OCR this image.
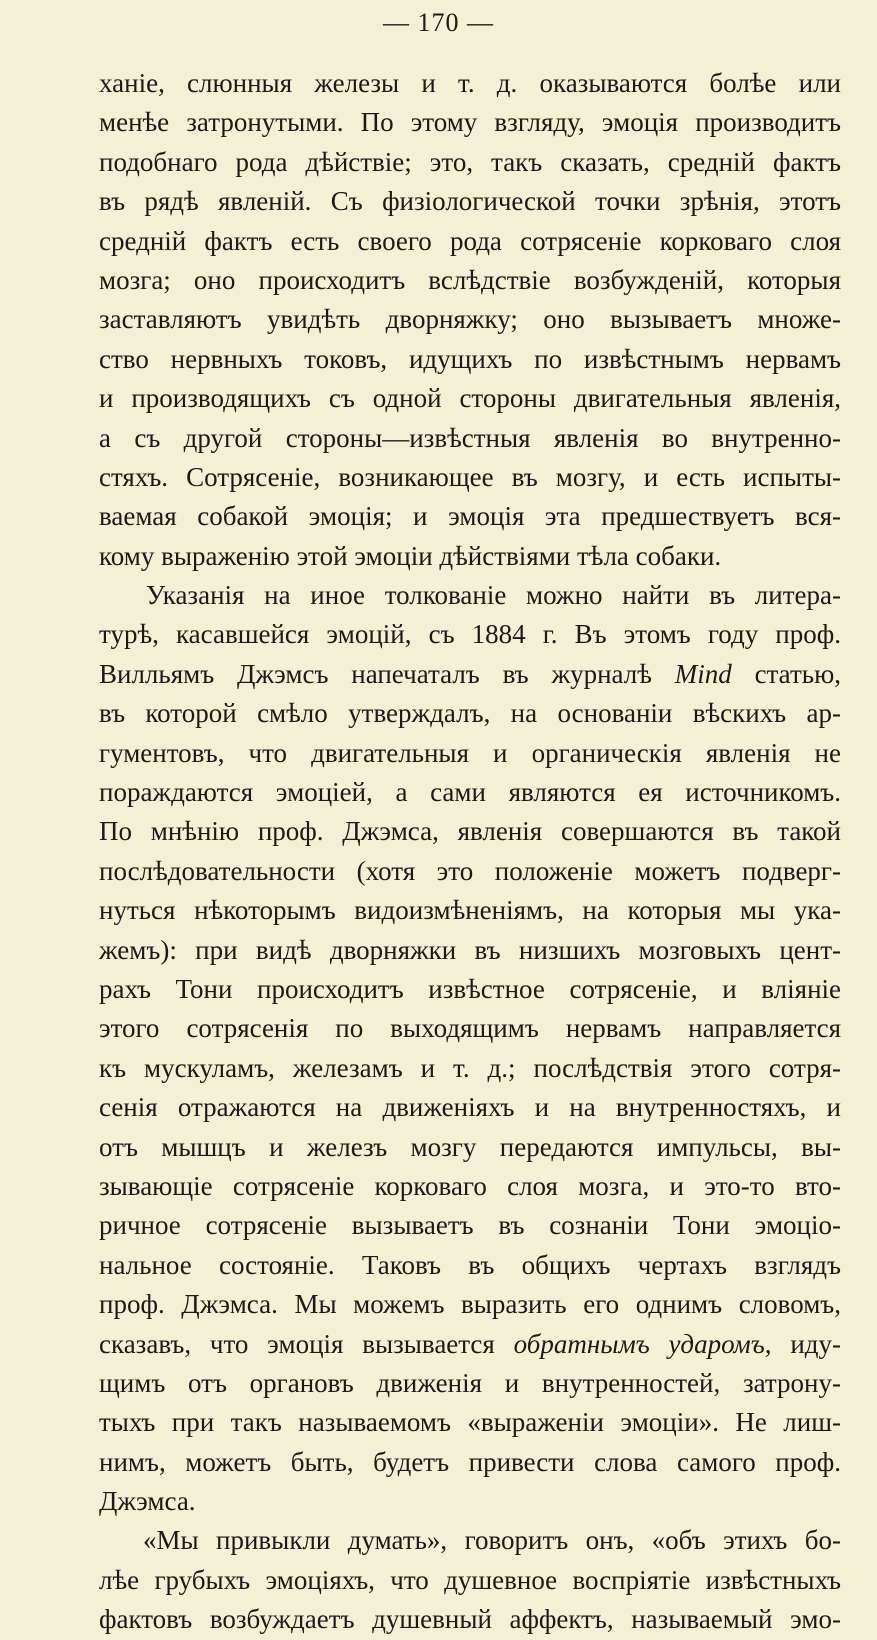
— 170 —
ханіе, слюнныя железы и т. д. оказываются болѣе или
менѣе затронутыми. По этому взгляду, эмоція производитъ
подобнаго рода дѣйствіе; это, такъ сказать, средній фактъ
въ рядѣ явленій. Съ физіологической точки зрѣнія, этотъ
средній фактъ есть своего рода сотрясеніе корковаго слоя
мозга; оно происходитъ вслѣдствіе возбужденій, которыя
заставляютъ увидѣть дворняжку; оно вызываетъ множе-
ство нервныхъ токовъ, идущихъ по извѣстнымъ нервамъ
и производящихъ съ одной стороны двигательныя явленія,
а съ другой стороны—извѣстныя явленія во внутренно-
стяхъ. Сотрясеніе, возникающее въ мозгу, и есть испыты-
ваемая собакой эмоція; и эмоція эта предшествуетъ вся-
кому выраженію этой эмоціи дѣйствіями тѣла собаки.
Указанія на иное толкованіе можно найти въ литера-
турѣ, касавшейся эмоцій, съ 1884 г. Въ этомъ году проф.
Вилльямъ Джэмсъ напечаталъ въ журналѣ Mind статью,
въ которой смѣло утверждалъ, на основаніи вѣскихъ ар-
гументовъ, что двигательныя и органическія явленія не
пораждаются эмоціей, а сами являются ея источникомъ.
По мнѣнію проф. Джэмса, явленія совершаются въ такой
послѣдовательности (хотя это положеніе можетъ подверг-
нуться нѣкоторымъ видоизмѣненіямъ, на которыя мы ука-
жемъ): при видѣ дворняжки въ низшихъ мозговыхъ цент-
рахъ Тони происходитъ извѣстное сотрясеніе, и вліяніе
этого сотрясенія по выходящимъ нервамъ направляется
къ мускуламъ, железамъ и т. д.; послѣдствія этого сотря-
сенія отражаются на движеніяхъ и на внутренностяхъ, и
отъ мышцъ и железъ мозгу передаются импульсы, вы-
зывающіе сотрясеніе корковаго слоя мозга, и это-то вто-
ричное сотрясеніе вызываетъ въ сознаніи Тони эмоціо-
нальное состояніе. Таковъ въ общихъ чертахъ взглядъ
проф. Джэмса. Мы можемъ выразить его однимъ словомъ,
сказавъ, что эмоція вызывается обратнымъ ударомъ, иду-
щимъ отъ органовъ движенія и внутренностей, затрону-
тыхъ при такъ называемомъ «выраженіи эмоціи». Не лиш-
нимъ, можетъ быть, будетъ привести слова самого проф.
Джэмса.
«Мы привыкли думать», говоритъ онъ, «объ этихъ бо-
лѣе грубыхъ эмоціяхъ, что душевное воспріятіе извѣстныхъ
фактовъ возбуждаетъ душевный аффектъ, называемый эмо-
